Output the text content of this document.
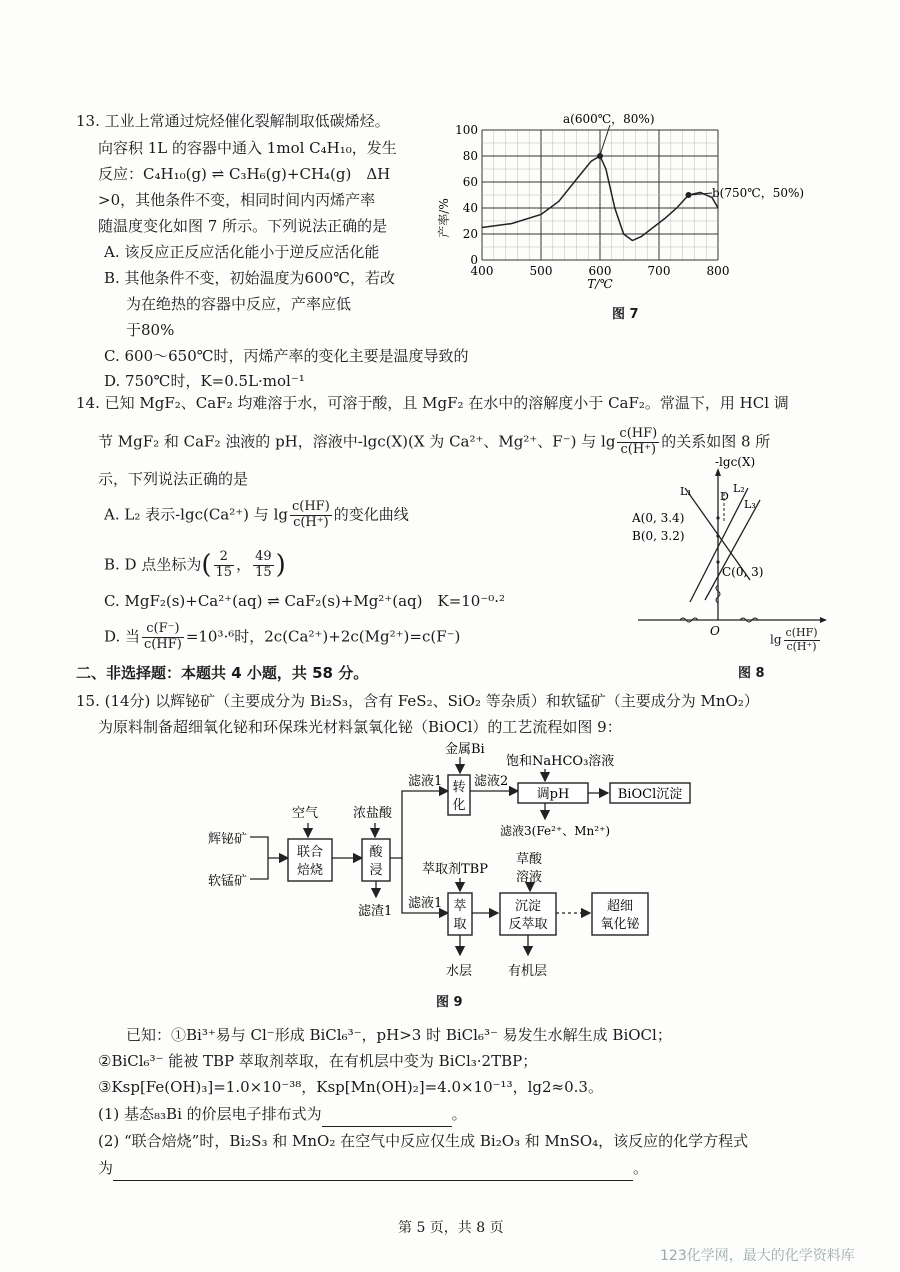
13. 工业上常通过烷烃催化裂解制取低碳烯烃。
向容积 1L 的容器中通入 1mol C₄H₁₀，发生
反应：C₄H₁₀(g) ⇌ C₃H₆(g)+CH₄(g)　ΔH
>0，其他条件不变，相同时间内丙烯产率
随温度变化如图 7 所示。下列说法正确的是
A. 该反应正反应活化能小于逆反应活化能
B. 其他条件不变，初始温度为600℃，若改
为在绝热的容器中反应，产率应低
于80%
C. 600～650℃时，丙烯产率的变化主要是温度导致的
D. 750℃时，K=0.5L·mol⁻¹
400	500	600	700	800
0
20
40
60
80
100
a(600℃，80%)
b(750℃，50%)
产率/%
T/℃
图 7
14. 已知 MgF₂、CaF₂ 均难溶于水，可溶于酸，且 MgF₂ 在水中的溶解度小于 CaF₂。常温下，用 HCl 调
节 MgF₂ 和 CaF₂ 浊液的 pH，溶液中-lgc(X)(X 为 Ca²⁺、Mg²⁺、F⁻) 与 $\lg \frac{c(HF)}{c(H^+)}$ 的关系如图 8 所
示，下列说法正确的是
A. L₂ 表示-lgc(Ca²⁺) 与 $\lg \frac{c(HF)}{c(H^+)}$ 的变化曲线
B. D 点坐标为( $\frac{2}{15}$ ， $\frac{49}{15}$ )
C. MgF₂(s)+Ca²⁺(aq) ⇌ CaF₂(s)+Mg²⁺(aq)　K=10⁻⁰·²
D. 当 $\frac{c(F^-)}{c(HF)} =10^3\cdot^6$时，2c(Ca²⁺)+2c(Mg²⁺)=c(F⁻)
-lgc(X)
L₁	L₂
L₃
D
A(0, 3.4)
B(0, 3.2)
C(0, 3)
O
$\lg \frac{c(HF)}{c(H^+)}$
图 8
二、非选择题：本题共 4 小题，共 58 分。
15. (14分) 以辉铋矿（主要成分为 Bi₂S₃，含有 FeS₂、SiO₂ 等杂质）和软锰矿（主要成分为 MnO₂）
为原料制备超细氧化铋和环保珠光材料氯氧化铋（BiOCl）的工艺流程如图 9：
辉铋矿
软锰矿
空气
联合
焙烧
浓盐酸
酸
浸
滤渣1
滤液1
金属Bi
转
化
滤液2
饱和NaHCO₃溶液
调pH	BiOCl沉淀
滤液3(Fe²⁺、Mn²⁺)
滤液1
萃取剂TBP
萃
取
水层
草酸
溶液
沉淀
反萃取
有机层
超细
氧化铋
图 9
已知：①Bi³⁺易与 Cl⁻形成 BiCl₆³⁻，pH>3 时 BiCl₆³⁻ 易发生水解生成 BiOCl；
②BiCl₆³⁻ 能被 TBP 萃取剂萃取，在有机层中变为 BiCl₃·2TBP；
③Ksp[Fe(OH)₃]=1.0×10⁻³⁸，Ksp[Mn(OH)₂]=4.0×10⁻¹³，lg2≈0.3。
(1) 基态₈₃Bi 的价层电子排布式为	。
(2) “联合焙烧”时，Bi₂S₃ 和 MnO₂ 在空气中反应仅生成 Bi₂O₃ 和 MnSO₄，该反应的化学方程式
为	。
第 5 页，共 8 页
123化学网，最大的化学资料库
